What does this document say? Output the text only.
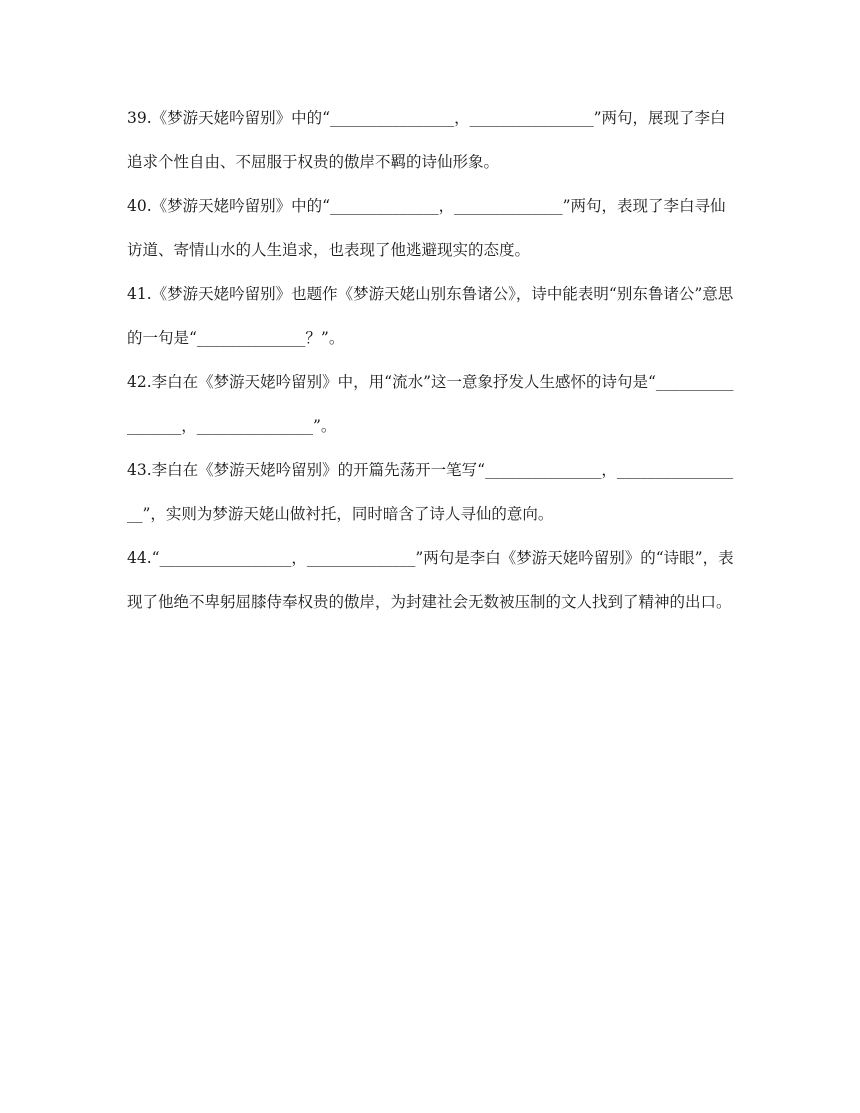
39.《梦游天姥吟留别》中的“________________，________________”两句，展现了李白追求个性自由、不屈服于权贵的傲岸不羁的诗仙形象。

40.《梦游天姥吟留别》中的“______________，______________”两句，表现了李白寻仙访道、寄情山水的人生追求，也表现了他逃避现实的态度。

41.《梦游天姥吟留别》也题作《梦游天姥山别东鲁诸公》，诗中能表明“别东鲁诸公”意思的一句是“______________？”。

42.李白在《梦游天姥吟留别》中，用“流水”这一意象抒发人生感怀的诗句是“_________________，_______________”。

43.李白在《梦游天姥吟留别》的开篇先荡开一笔写“_______________，_________________”，实则为梦游天姥山做衬托，同时暗含了诗人寻仙的意向。

44.“_________________，______________”两句是李白《梦游天姥吟留别》的“诗眼”，表现了他绝不卑躬屈膝侍奉权贵的傲岸，为封建社会无数被压制的文人找到了精神的出口。
